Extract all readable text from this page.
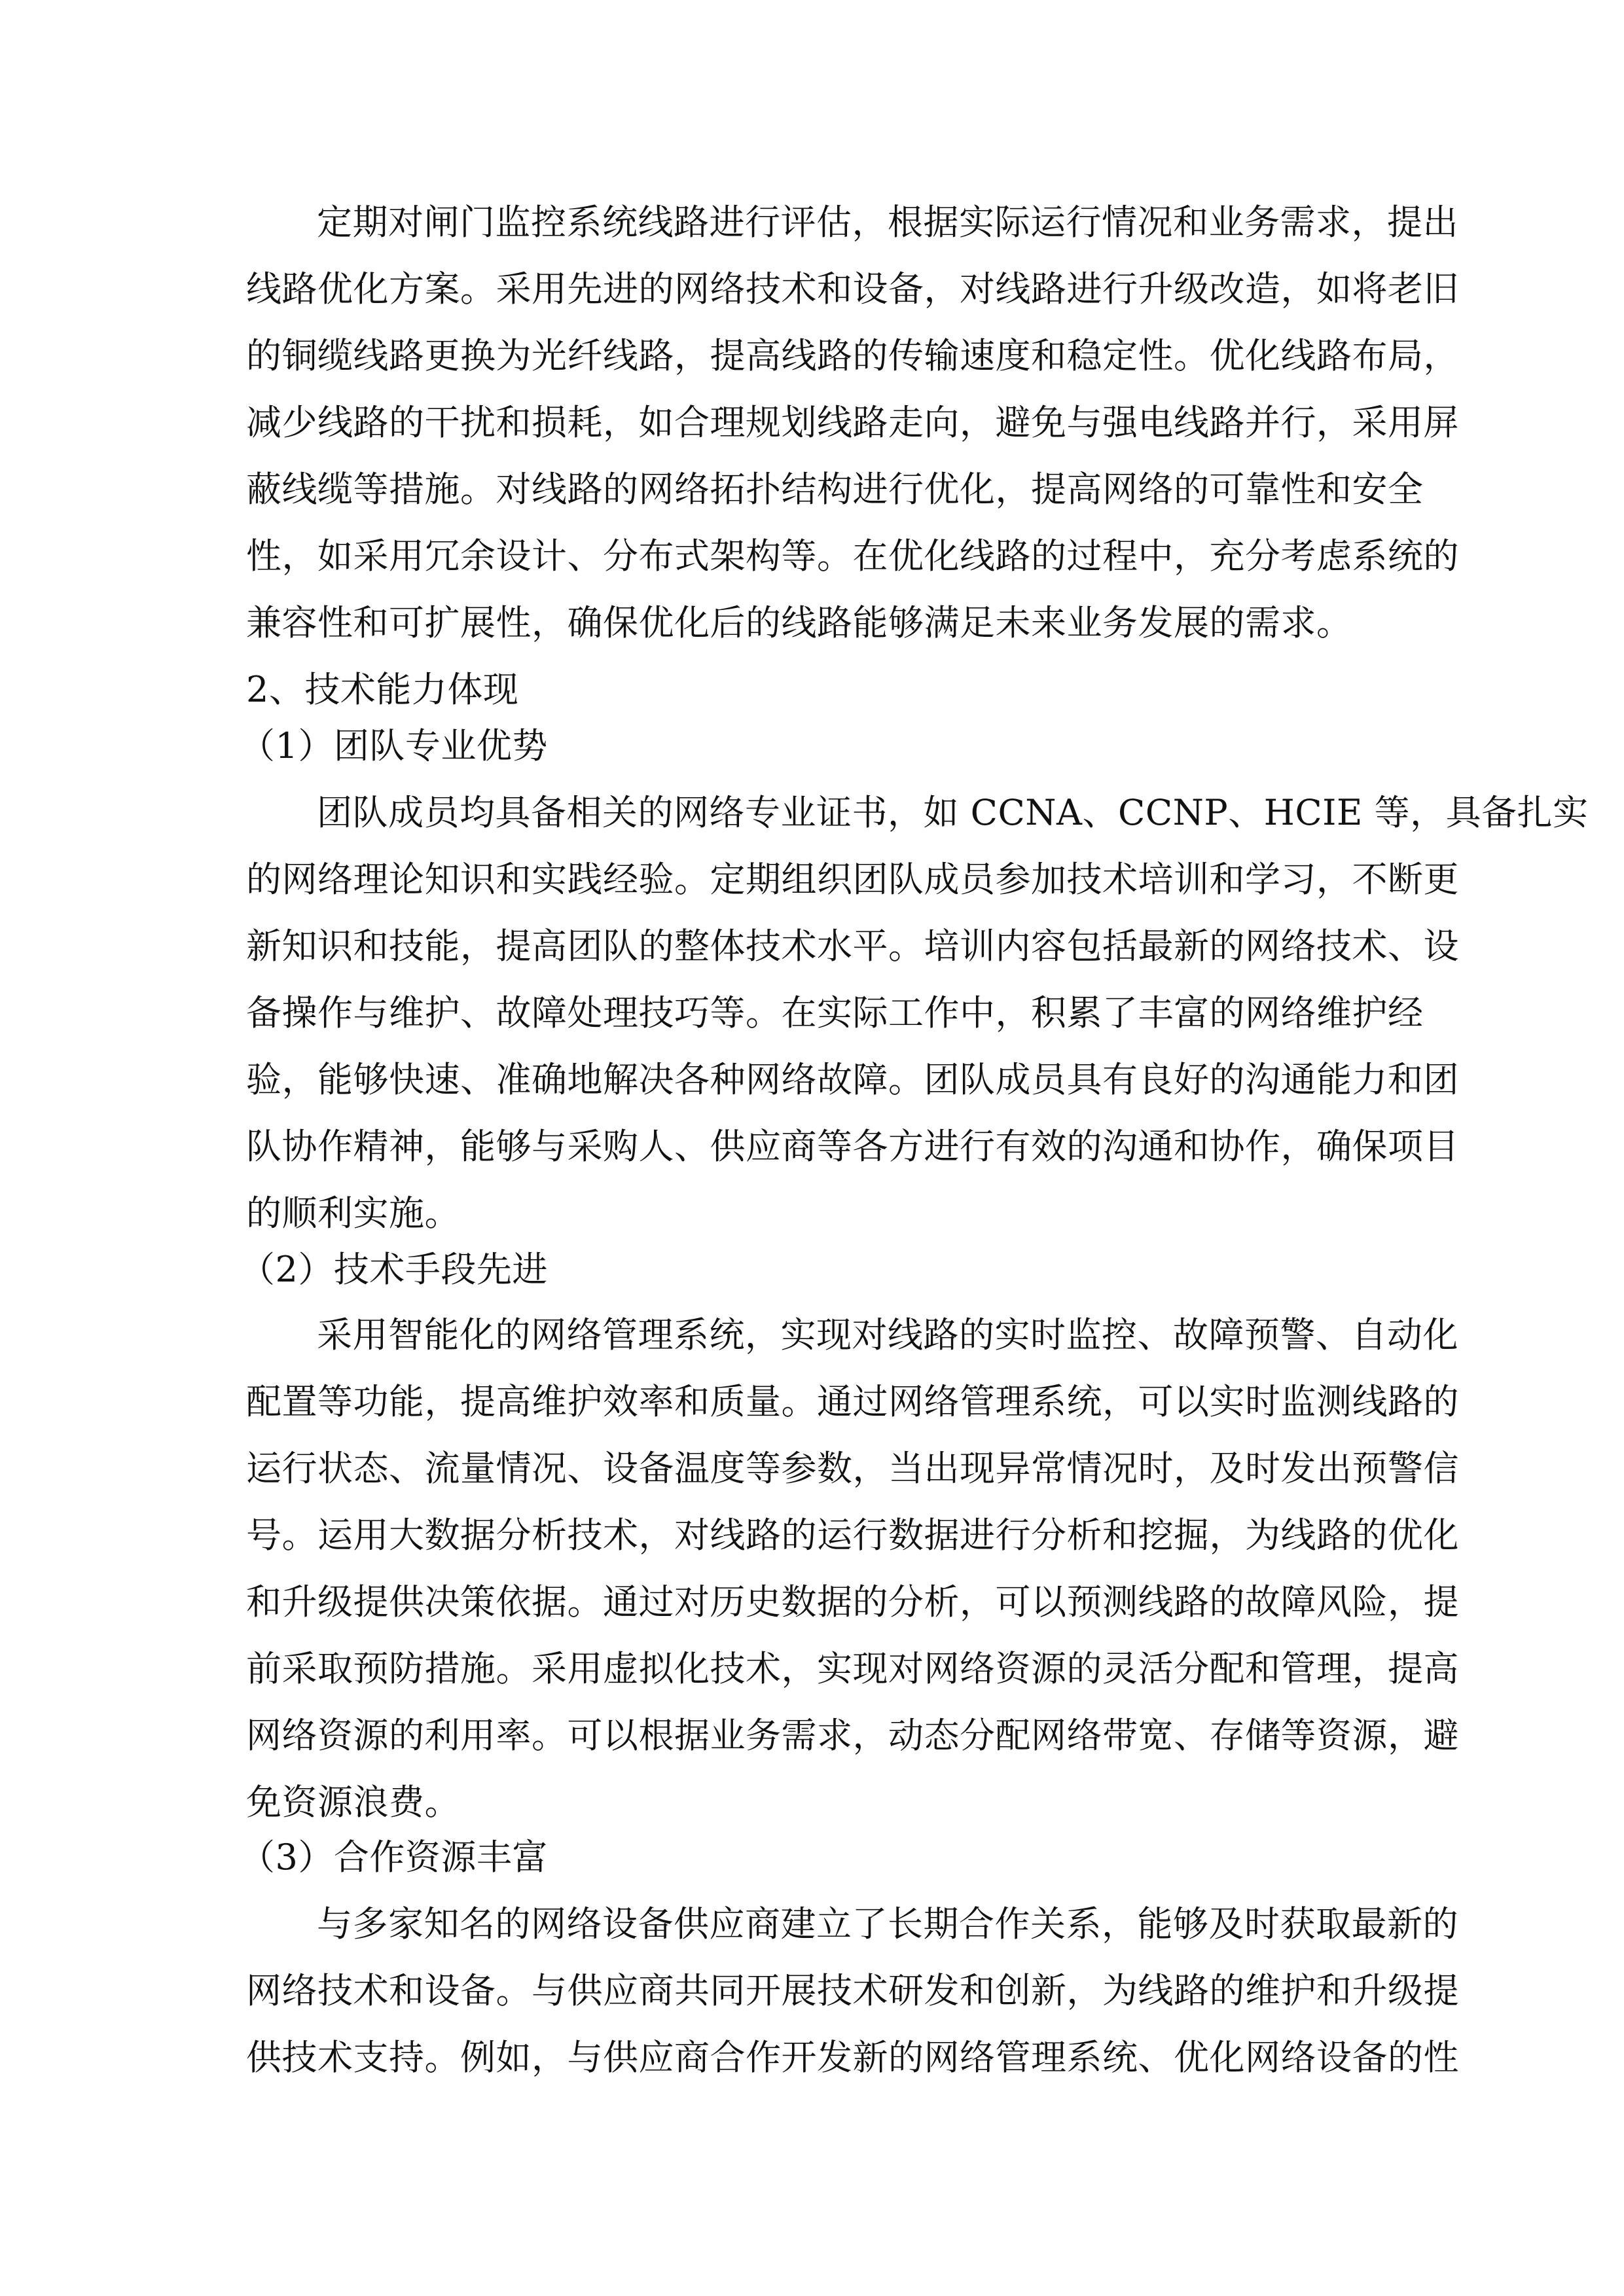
定期对闸门监控系统线路进行评估，根据实际运行情况和业务需求，提出
线路优化方案。采用先进的网络技术和设备，对线路进行升级改造，如将老旧
的铜缆线路更换为光纤线路，提高线路的传输速度和稳定性。优化线路布局，
减少线路的干扰和损耗，如合理规划线路走向，避免与强电线路并行，采用屏
蔽线缆等措施。对线路的网络拓扑结构进行优化，提高网络的可靠性和安全
性，如采用冗余设计、分布式架构等。在优化线路的过程中，充分考虑系统的
兼容性和可扩展性，确保优化后的线路能够满足未来业务发展的需求。
2、技术能力体现
（1）团队专业优势
团队成员均具备相关的网络专业证书，如 CCNA、CCNP、HCIE 等，具备扎实
的网络理论知识和实践经验。定期组织团队成员参加技术培训和学习，不断更
新知识和技能，提高团队的整体技术水平。培训内容包括最新的网络技术、设
备操作与维护、故障处理技巧等。在实际工作中，积累了丰富的网络维护经
验，能够快速、准确地解决各种网络故障。团队成员具有良好的沟通能力和团
队协作精神，能够与采购人、供应商等各方进行有效的沟通和协作，确保项目
的顺利实施。
（2）技术手段先进
采用智能化的网络管理系统，实现对线路的实时监控、故障预警、自动化
配置等功能，提高维护效率和质量。通过网络管理系统，可以实时监测线路的
运行状态、流量情况、设备温度等参数，当出现异常情况时，及时发出预警信
号。运用大数据分析技术，对线路的运行数据进行分析和挖掘，为线路的优化
和升级提供决策依据。通过对历史数据的分析，可以预测线路的故障风险，提
前采取预防措施。采用虚拟化技术，实现对网络资源的灵活分配和管理，提高
网络资源的利用率。可以根据业务需求，动态分配网络带宽、存储等资源，避
免资源浪费。
（3）合作资源丰富
与多家知名的网络设备供应商建立了长期合作关系，能够及时获取最新的
网络技术和设备。与供应商共同开展技术研发和创新，为线路的维护和升级提
供技术支持。例如，与供应商合作开发新的网络管理系统、优化网络设备的性
